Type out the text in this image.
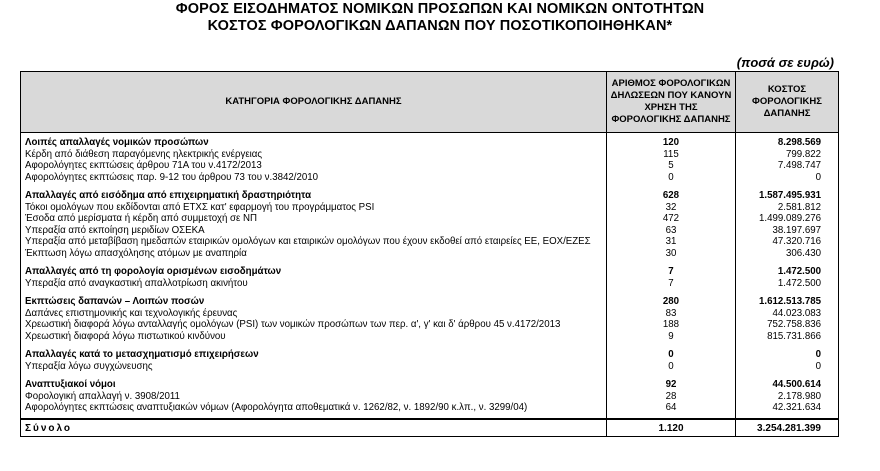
ΦΟΡΟΣ ΕΙΣΟΔΗΜΑΤΟΣ ΝΟΜΙΚΩΝ ΠΡΟΣΩΠΩΝ ΚΑΙ ΝΟΜΙΚΩΝ ΟΝΤΟΤΗΤΩΝ
ΚΟΣΤΟΣ ΦΟΡΟΛΟΓΙΚΩΝ ΔΑΠΑΝΩΝ ΠΟΥ ΠΟΣΟΤΙΚΟΠΟΙΗΘΗΚΑΝ*
(ποσά σε ευρώ)
ΚΑΤΗΓΟΡΙΑ ΦΟΡΟΛΟΓΙΚΗΣ ΔΑΠΑΝΗΣ	ΑΡΙΘΜΟΣ ΦΟΡΟΛΟΓΙΚΩΝ ΔΗΛΩΣΕΩΝ ΠΟΥ ΚΑΝΟΥΝ ΧΡΗΣΗ ΤΗΣ ΦΟΡΟΛΟΓΙΚΗΣ ΔΑΠΑΝΗΣ	ΚΟΣΤΟΣ ΦΟΡΟΛΟΓΙΚΗΣ ΔΑΠΑΝΗΣ
Λοιπές απαλλαγές νομικών προσώπων	120	8.298.569
Κέρδη από διάθεση παραγόμενης ηλεκτρικής ενέργειας	115	799.822
Αφορολόγητες εκπτώσεις άρθρου 71Α του ν.4172/2013	5	7.498.747
Αφορολόγητες εκπτώσεις παρ. 9-12 του άρθρου 73 του ν.3842/2010	0	0

Απαλλαγές από εισόδημα από επιχειρηματική δραστηριότητα	628	1.587.495.931
Τόκοι ομολόγων που εκδίδονται από ΕΤΧΣ κατ' εφαρμογή του προγράμματος PSI	32	2.581.812
Έσοδα από μερίσματα ή κέρδη από συμμετοχή σε ΝΠ	472	1.499.089.276
Υπεραξία από εκποίηση μεριδίων ΟΣΕΚΑ	63	38.197.697
Υπεραξία από μεταβίβαση ημεδαπών εταιρικών ομολόγων και εταιρικών ομολόγων που έχουν εκδοθεί από εταιρείες ΕΕ, ΕΟΧ/ΕΖΕΣ	31	47.320.716
Έκπτωση λόγω απασχόλησης ατόμων με αναπηρία	30	306.430

Απαλλαγές από τη φορολογία ορισμένων εισοδημάτων	7	1.472.500
Υπεραξία από αναγκαστική απαλλοτρίωση ακινήτου	7	1.472.500

Εκπτώσεις δαπανών – Λοιπών ποσών	280	1.612.513.785
Δαπάνες επιστημονικής και τεχνολογικής έρευνας	83	44.023.083
Χρεωστική διαφορά λόγω ανταλλαγής ομολόγων (PSI) των νομικών προσώπων των περ. α', γ' και δ' άρθρου 45 ν.4172/2013	188	752.758.836
Χρεωστική διαφορά λόγω πιστωτικού κινδύνου	9	815.731.866

Απαλλαγές κατά το μετασχηματισμό επιχειρήσεων	0	0
Υπεραξία λόγω συγχώνευσης	0	0

Αναπτυξιακοί νόμοι	92	44.500.614
Φορολογική απαλλαγή ν. 3908/2011	28	2.178.980
Αφορολόγητες εκπτώσεις αναπτυξιακών νόμων (Αφορολόγητα αποθεματικά ν. 1262/82, ν. 1892/90 κ.λπ., ν. 3299/04)	64	42.321.634

Σύνολο	1.120	3.254.281.399
